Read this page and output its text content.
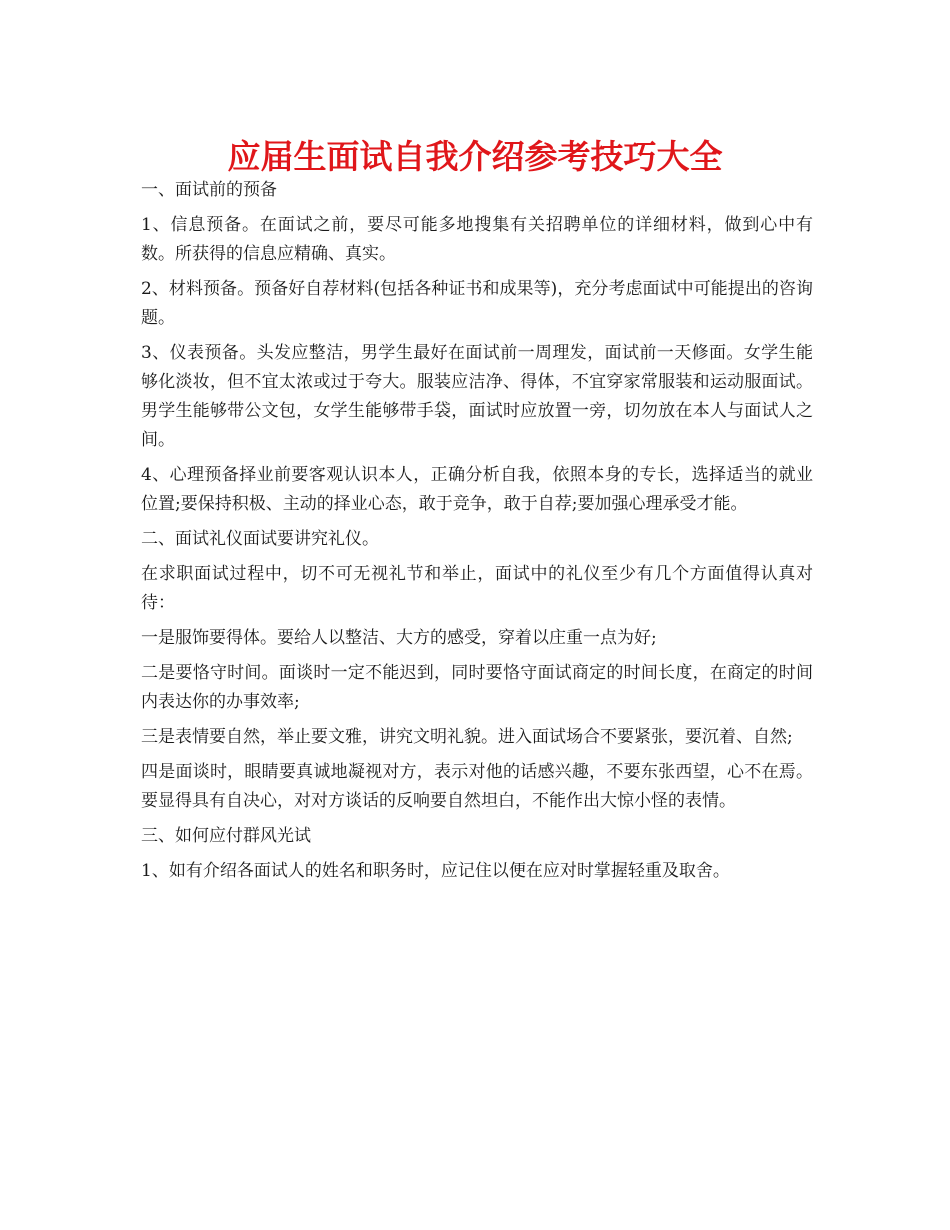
应届生面试自我介绍参考技巧大全

一、面试前的预备

1、信息预备。在面试之前，要尽可能多地搜集有关招聘单位的详细材料，做到心中有数。所获得的信息应精确、真实。

2、材料预备。预备好自荐材料(包括各种证书和成果等)，充分考虑面试中可能提出的咨询题。

3、仪表预备。头发应整洁，男学生最好在面试前一周理发，面试前一天修面。女学生能够化淡妆，但不宜太浓或过于夸大。服装应洁净、得体，不宜穿家常服装和运动服面试。男学生能够带公文包，女学生能够带手袋，面试时应放置一旁，切勿放在本人与面试人之间。

4、心理预备择业前要客观认识本人，正确分析自我，依照本身的专长，选择适当的就业位置;要保持积极、主动的择业心态，敢于竞争，敢于自荐;要加强心理承受才能。

二、面试礼仪面试要讲究礼仪。

在求职面试过程中，切不可无视礼节和举止，面试中的礼仪至少有几个方面值得认真对待：

一是服饰要得体。要给人以整洁、大方的感受，穿着以庄重一点为好;

二是要恪守时间。面谈时一定不能迟到，同时要恪守面试商定的时间长度，在商定的时间内表达你的办事效率;

三是表情要自然，举止要文雅，讲究文明礼貌。进入面试场合不要紧张，要沉着、自然;

四是面谈时，眼睛要真诚地凝视对方，表示对他的话感兴趣，不要东张西望，心不在焉。要显得具有自决心，对对方谈话的反响要自然坦白，不能作出大惊小怪的表情。

三、如何应付群风光试

1、如有介绍各面试人的姓名和职务时，应记住以便在应对时掌握轻重及取舍。
